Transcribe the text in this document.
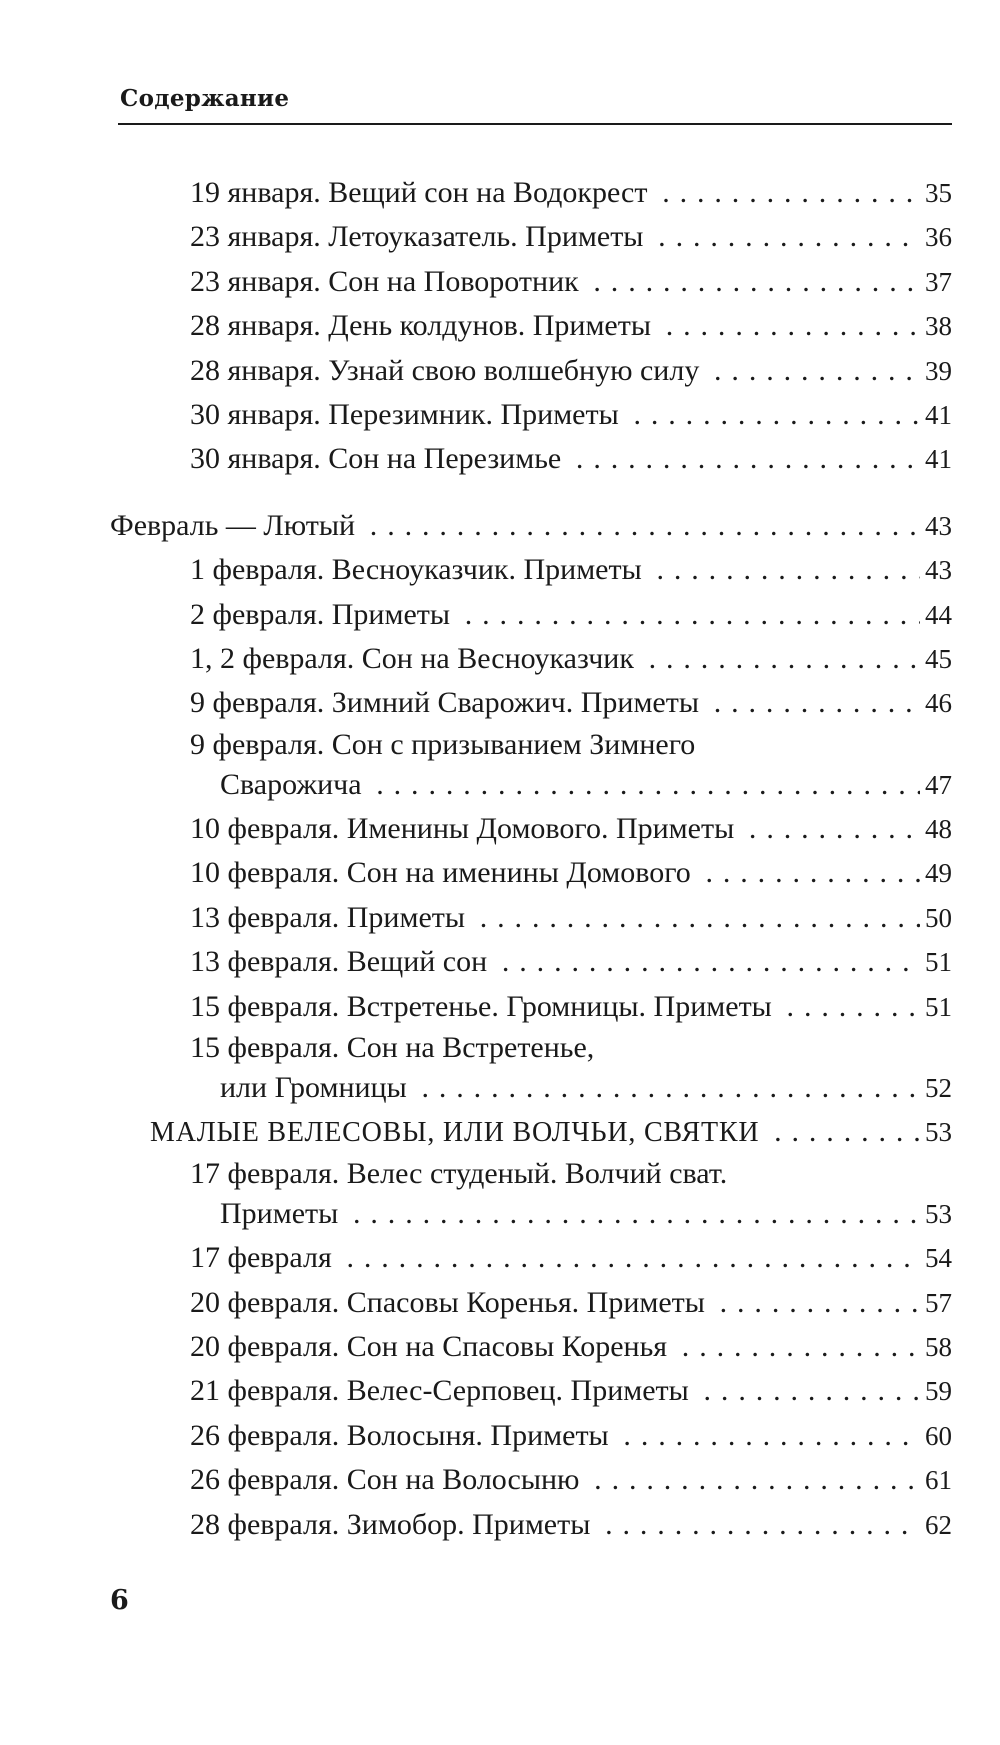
Содержание
19 января. Вещий сон на Водокрест	35
. . .
23 января. Летоуказатель. Приметы	36
. . .
23 января. Сон на Поворотник	37
. . .
28 января. День колдунов. Приметы	38
. . .
28 января. Узнай свою волшебную силу	39
. . .
30 января. Перезимник. Приметы	41
. . .
30 января. Сон на Перезимье	41
. . .
Февраль — Лютый	43
. . .
1 февраля. Весноуказчик. Приметы	43
. . .
2 февраля. Приметы	44
. . .
1, 2 февраля. Сон на Весноуказчик	45
. . .
9 февраля. Зимний Сварожич. Приметы	46
. . .
9 февраля. Сон с призыванием Зимнего
Сварожича	47
. . .
10 февраля. Именины Домового. Приметы	48
. . .
10 февраля. Сон на именины Домового	49
. . .
13 февраля. Приметы	50
. . .
13 февраля. Вещий сон	51
. . .
15 февраля. Встретенье. Громницы. Приметы	51
. . .
15 февраля. Сон на Встретенье,
или Громницы	52
. . .
МАЛЫЕ ВЕЛЕСОВЫ, ИЛИ ВОЛЧЬИ, СВЯТКИ	53
. . .
17 февраля. Велес студеный. Волчий сват.
Приметы	53
. . .
17 февраля	54
. . .
20 февраля. Спасовы Коренья. Приметы	57
. . .
20 февраля. Сон на Спасовы Коренья	58
. . .
21 февраля. Велес-Серповец. Приметы	59
. . .
26 февраля. Волосыня. Приметы	60
. . .
26 февраля. Сон на Волосыню	61
. . .
28 февраля. Зимобор. Приметы	62
. . .
6
